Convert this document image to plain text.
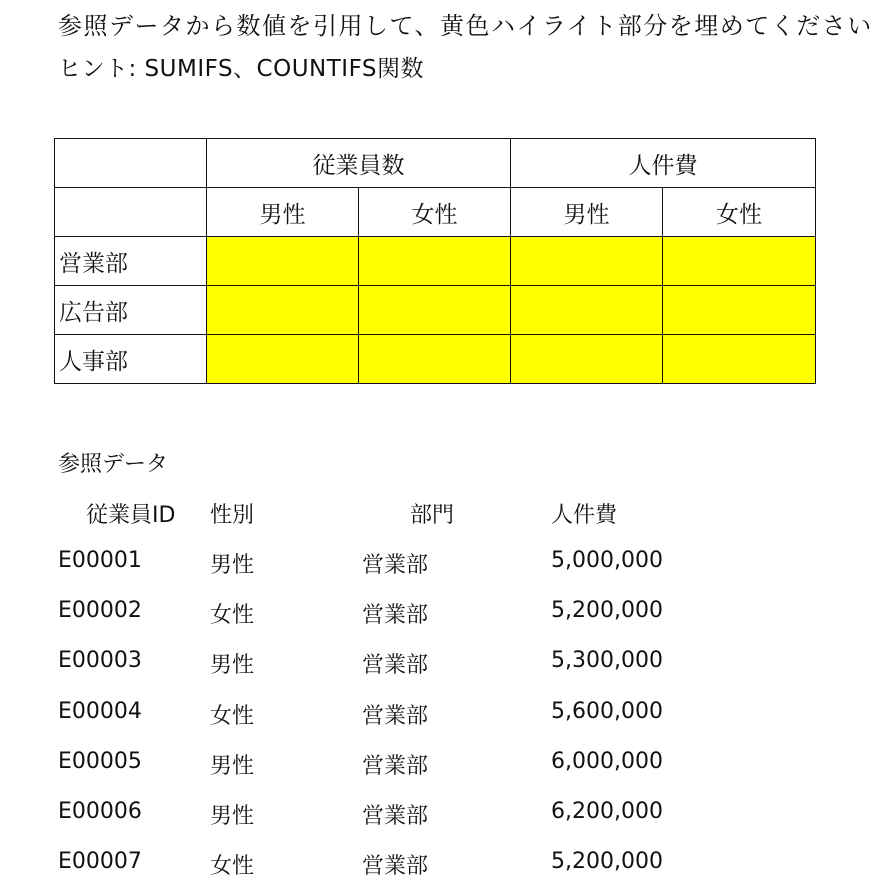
参照データから数値を引用して、黄色ハイライト部分を埋めてください
ヒント: SUMIFS、COUNTIFS関数
	従業員数		人件費	
	男性	女性	男性	女性
営業部				
広告部				
人事部				
参照データ
従業員ID 性別	部門	人件費
E00001	男性	営業部	5,000,000
E00002	女性	営業部	5,200,000
E00003	男性	営業部	5,300,000
E00004	女性	営業部	5,600,000
E00005	男性	営業部	6,000,000
E00006	男性	営業部	6,200,000
E00007	女性	営業部	5,200,000
